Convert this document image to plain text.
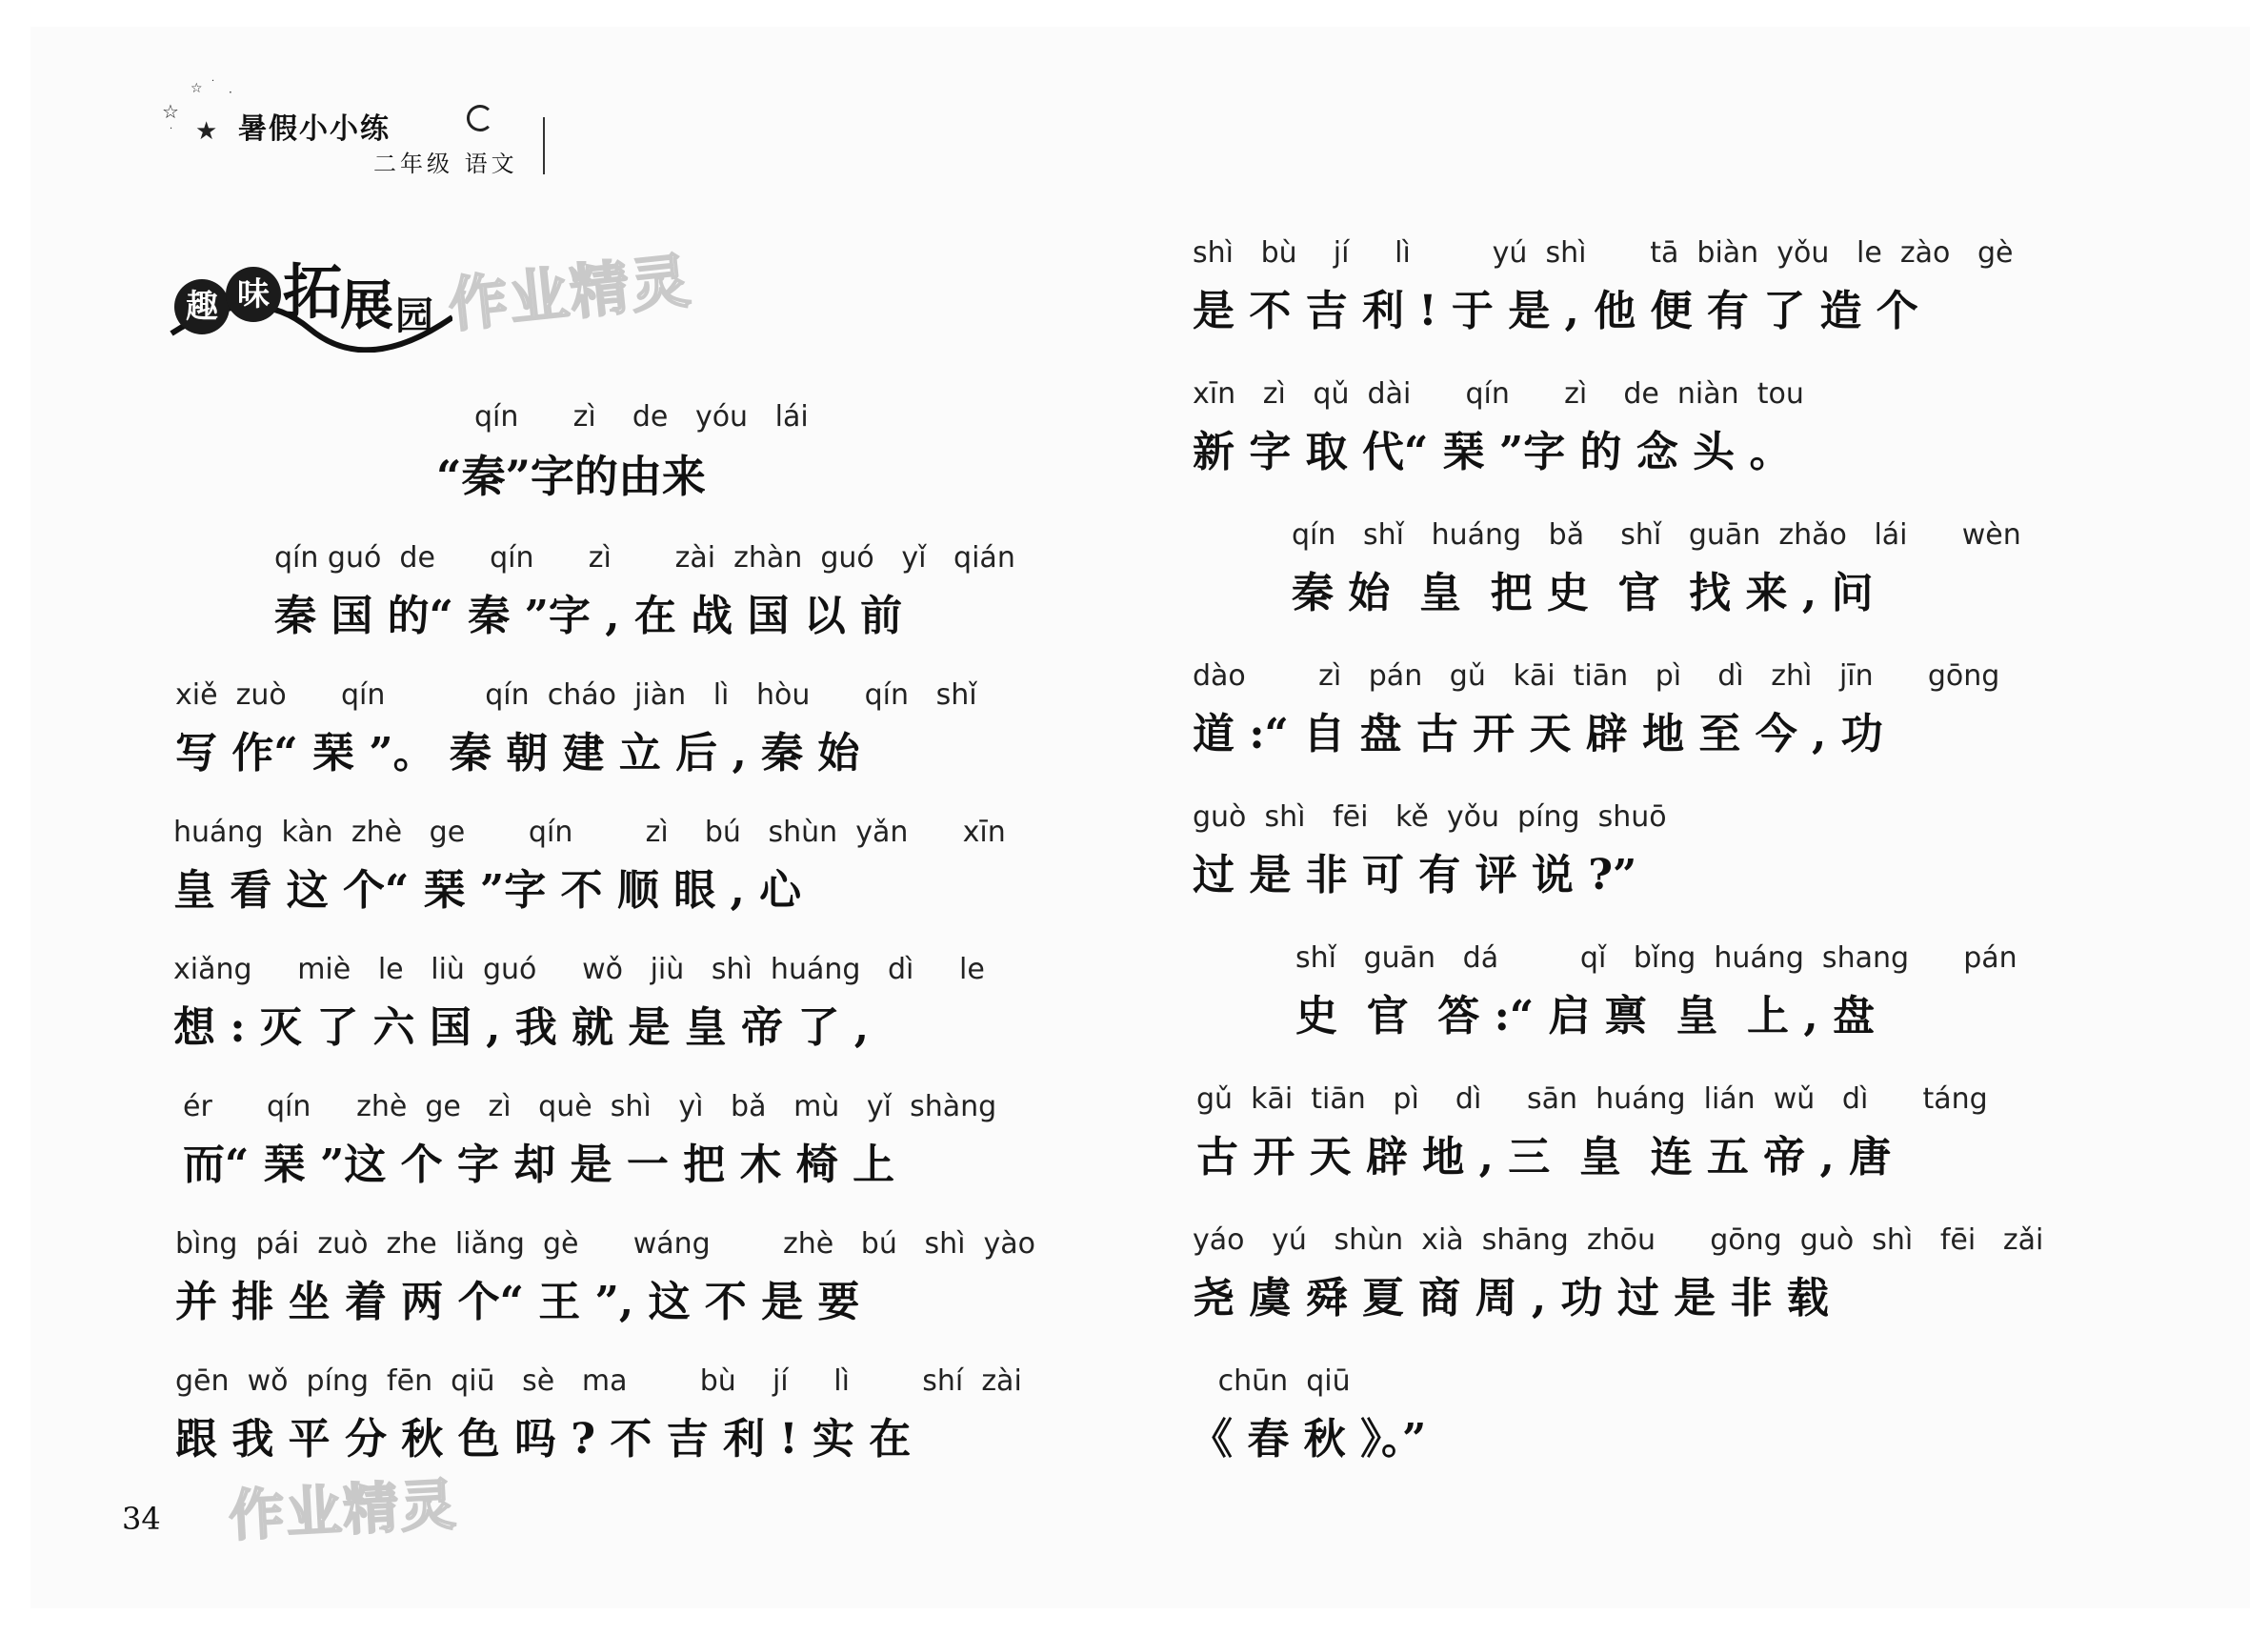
☆
☆ ·
·
★
· 暑假小小练
二年级 语文
趣 味 拓
展 园 作业精灵
qín      zì    de   yóu   lái
“秦”字的由来
qín guó  de      qín      zì       zài  zhàn  guó   yǐ   qián
秦 国 的“ 秦 ”字 , 在 战 国 以 前
xiě  zuò      qín           qín  cháo  jiàn   lì   hòu      qín   shǐ
写 作“ 琹 ”。 秦 朝 建 立 后 , 秦 始
huáng  kàn  zhè   ge       qín        zì    bú   shùn  yǎn      xīn
皇 看 这 个“ 琹 ”字 不 顺 眼 , 心
xiǎng     miè   le   liù  guó     wǒ   jiù   shì  huáng   dì     le
想 : 灭 了 六 国 , 我 就 是 皇 帝 了 ,
ér      qín     zhè  ge   zì   què  shì   yì   bǎ   mù   yǐ  shàng
而“ 琹 ”这 个 字 却 是 一 把 木 椅 上
bìng  pái  zuò  zhe  liǎng  gè      wáng        zhè   bú   shì  yào
并 排 坐 着 两 个“ 王 ”, 这 不 是 要
gēn  wǒ  píng  fēn  qiū   sè   ma        bù    jí     lì        shí  zài
跟 我 平 分 秋 色 吗 ? 不 吉 利 ! 实 在
shì   bù    jí     lì         yú  shì       tā  biàn  yǒu   le  zào   gè
是 不 吉 利 ! 于 是 , 他 便 有 了 造 个
xīn   zì   qǔ  dài      qín      zì    de  niàn  tou
新 字 取 代“ 琹 ”字 的 念 头 。
qín   shǐ   huáng   bǎ    shǐ   guān  zhǎo   lái      wèn
秦 始  皇  把 史  官  找 来 , 问
dào        zì   pán   gǔ   kāi  tiān   pì    dì   zhì   jīn      gōng
道 :“ 自 盘 古 开 天 辟 地 至 今 , 功
guò  shì   fēi   kě  yǒu  píng  shuō
过 是 非 可 有 评 说 ?”
shǐ   guān   dá         qǐ   bǐng  huáng  shang      pán
史  官  答 :“ 启 禀  皇  上 , 盘
gǔ  kāi  tiān   pì    dì     sān  huáng  lián  wǔ   dì      táng
古 开 天 辟 地 , 三  皇  连 五 帝 , 唐
yáo   yú   shùn  xià  shāng  zhōu      gōng  guò  shì   fēi   zǎi
尧 虞 舜 夏 商 周 , 功 过 是 非 载
chūn  qiū
《 春 秋 》。”
34 作业精灵
